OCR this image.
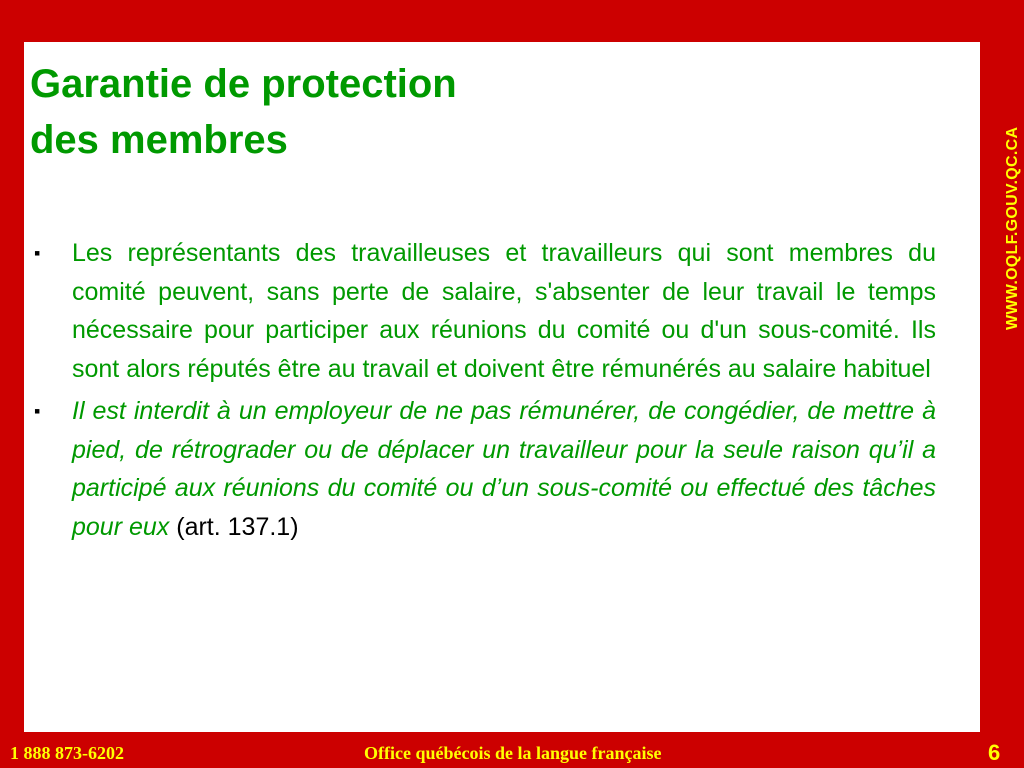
Garantie de protection
des membres
▪ Les représentants des travailleuses et travailleurs qui sont membres du comité peuvent, sans perte de salaire, s'absenter de leur travail le temps nécessaire pour participer aux réunions du comité ou d'un sous-comité. Ils sont alors réputés être au travail et doivent être rémunérés au salaire habituel
▪ Il est interdit à un employeur de ne pas rémunérer, de congédier, de mettre à pied, de rétrograder ou de déplacer un travailleur pour la seule raison qu’il a participé aux réunions du comité ou d’un sous-comité ou effectué des tâches pour eux (art. 137.1)
WWW.OQLF.GOUV.QC.CA
1 888 873-6202	Office québécois de la langue française	6
